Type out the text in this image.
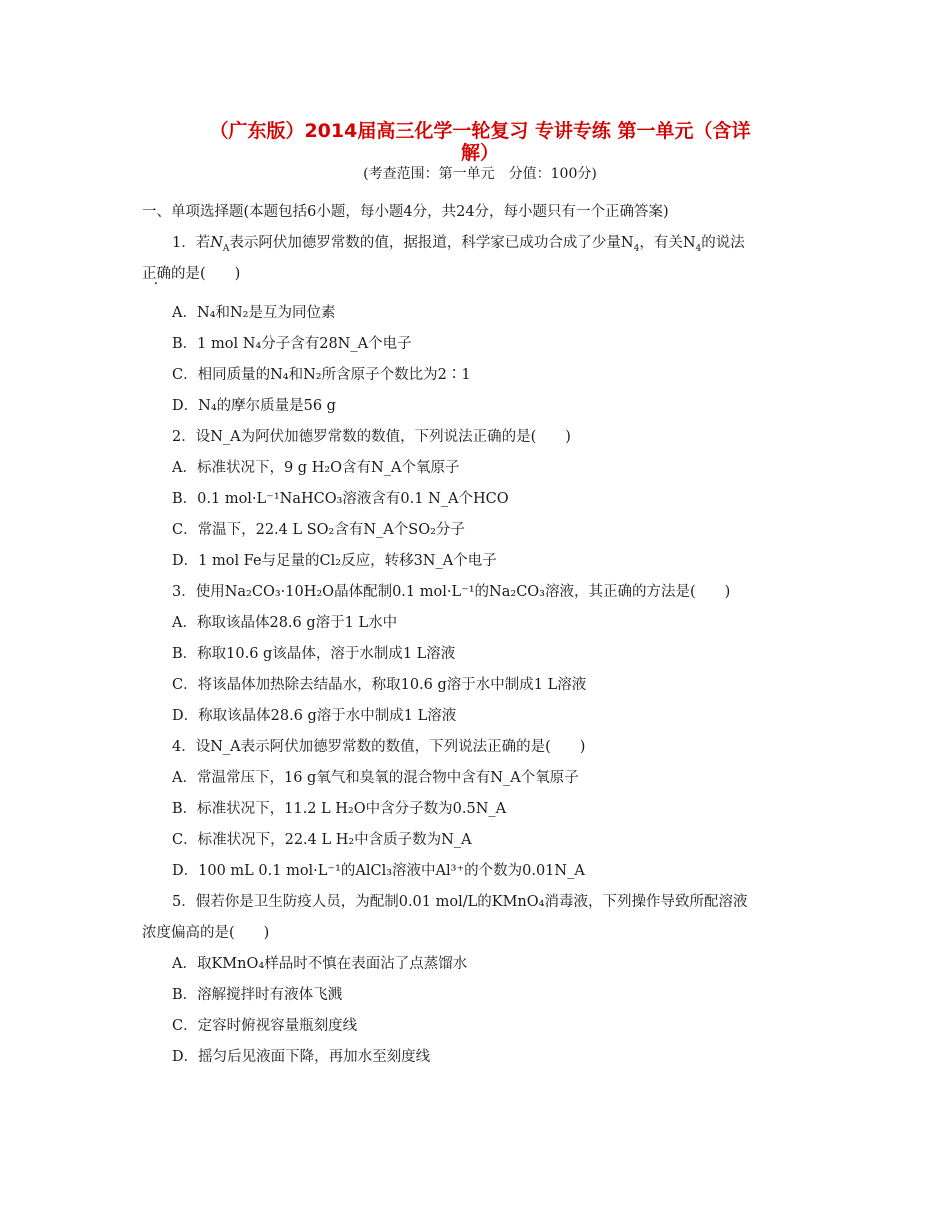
（广东版）2014届高三化学一轮复习 专讲专练 第一单元（含详
解）
(考查范围：第一单元　分值：100分)
一、单项选择题(本题包括6小题，每小题4分，共24分，每小题只有一个正确答案)
1．若$N_A$表示阿伏加德罗常数的值，据报道，科学家已成功合成了少量$N_4$，有关$N_4$的说法
正确的是(　　)
A．N₄和N₂是互为同位素
B．1 mol N₄分子含有28N_A个电子
C．相同质量的N₄和N₂所含原子个数比为2∶1
D．N₄的摩尔质量是56 g
2．设N_A为阿伏加德罗常数的数值，下列说法正确的是(　　)
A．标准状况下，9 g H₂O含有N_A个氧原子
B．0.1 mol·L⁻¹NaHCO₃溶液含有0.1 N_A个HCO
C．常温下，22.4 L SO₂含有N_A个SO₂分子
D．1 mol Fe与足量的Cl₂反应，转移3N_A个电子
3．使用Na₂CO₃·10H₂O晶体配制0.1 mol·L⁻¹的Na₂CO₃溶液，其正确的方法是(　　)
A．称取该晶体28.6 g溶于1 L水中
B．称取10.6 g该晶体，溶于水制成1 L溶液
C．将该晶体加热除去结晶水，称取10.6 g溶于水中制成1 L溶液
D．称取该晶体28.6 g溶于水中制成1 L溶液
4．设N_A表示阿伏加德罗常数的数值，下列说法正确的是(　　)
A．常温常压下，16 g氧气和臭氧的混合物中含有N_A个氧原子
B．标准状况下，11.2 L H₂O中含分子数为0.5N_A
C．标准状况下，22.4 L H₂中含质子数为N_A
D．100 mL 0.1 mol·L⁻¹的AlCl₃溶液中Al³⁺的个数为0.01N_A
5．假若你是卫生防疫人员，为配制0.01 mol/L的KMnO₄消毒液，下列操作导致所配溶液
浓度偏高的是(　　)
A．取KMnO₄样品时不慎在表面沾了点蒸馏水
B．溶解搅拌时有液体飞溅
C．定容时俯视容量瓶刻度线
D．摇匀后见液面下降，再加水至刻度线
